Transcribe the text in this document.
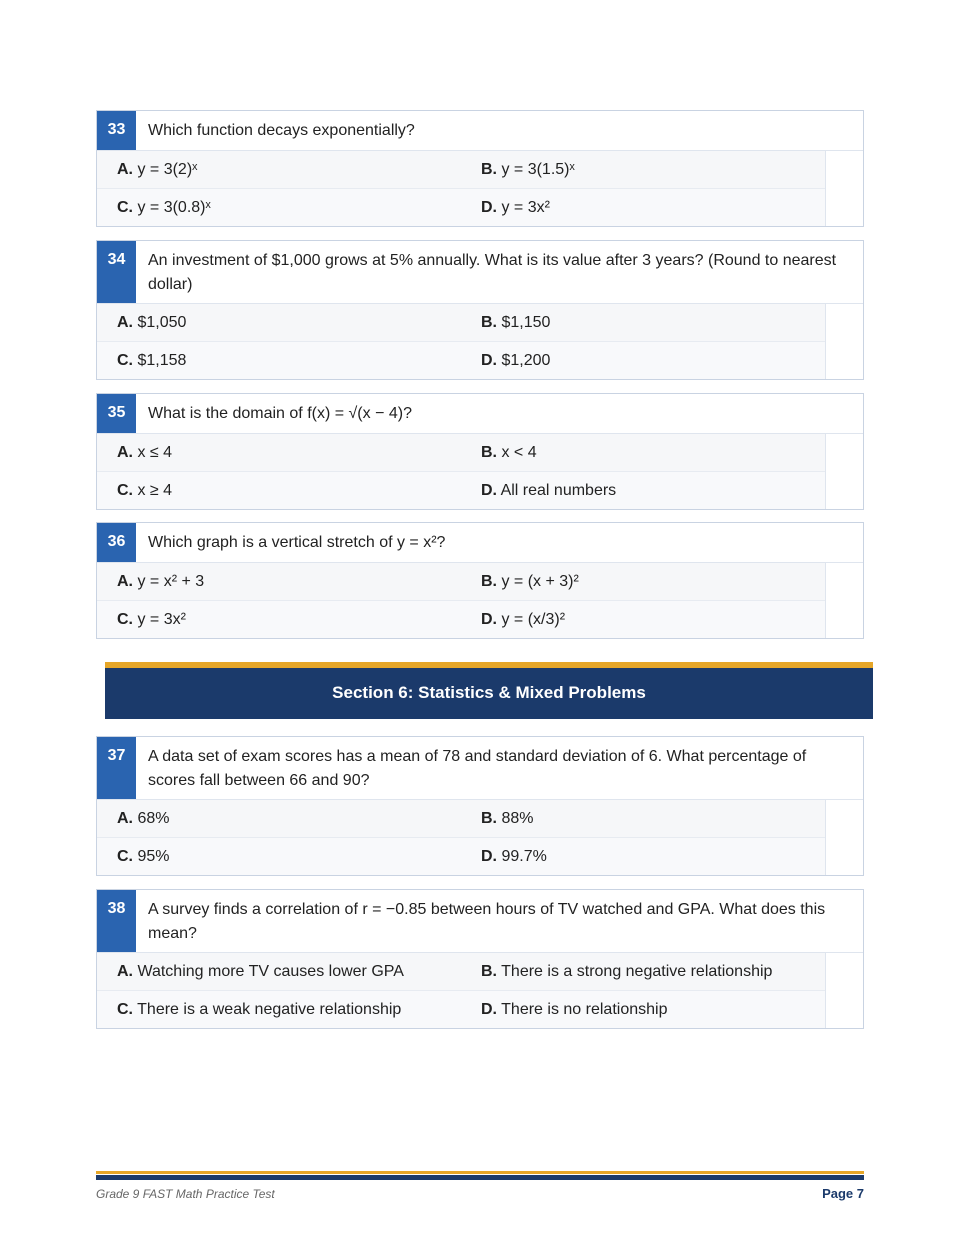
33	Which function decays exponentially?
A. y = 3(2)ˣ	B. y = 3(1.5)ˣ
C. y = 3(0.8)ˣ	D. y = 3x²
34	An investment of $1,000 grows at 5% annually. What is its value after 3 years? (Round to nearest dollar)
A. $1,050	B. $1,150
C. $1,158	D. $1,200
35	What is the domain of f(x) = √(x − 4)?
A. x ≤ 4	B. x < 4
C. x ≥ 4	D. All real numbers
36	Which graph is a vertical stretch of y = x²?
A. y = x² + 3	B. y = (x + 3)²
C. y = 3x²	D. y = (x/3)²
Section 6: Statistics & Mixed Problems
37	A data set of exam scores has a mean of 78 and standard deviation of 6. What percentage of scores fall between 66 and 90?
A. 68%	B. 88%
C. 95%	D. 99.7%
38	A survey finds a correlation of r = −0.85 between hours of TV watched and GPA. What does this mean?
A. Watching more TV causes lower GPA	B. There is a strong negative relationship
C. There is a weak negative relationship	D. There is no relationship
Grade 9 FAST Math Practice Test	Page 7
